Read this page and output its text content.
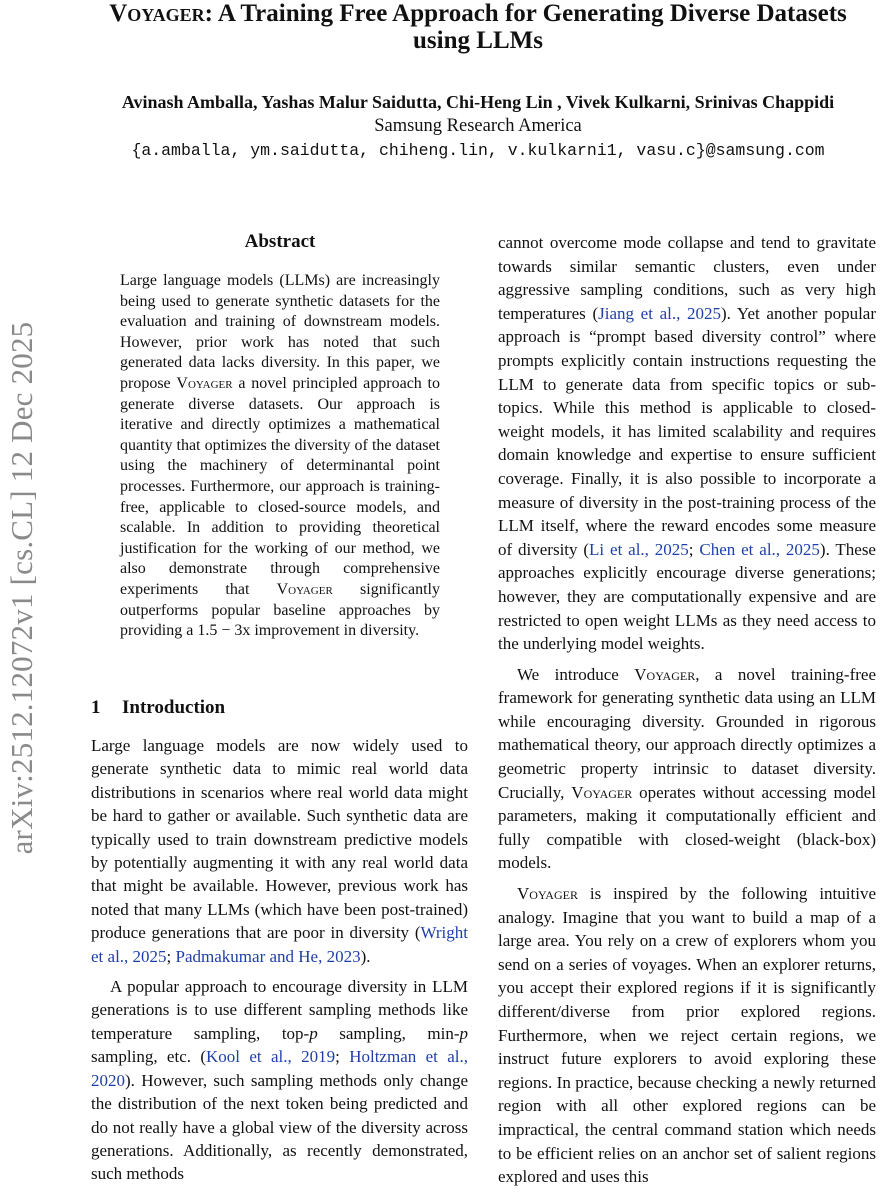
arXiv:2512.12072v1 [cs.CL] 12 Dec 2025
Voyager: A Training Free Approach for Generating Diverse Datasets
using LLMs
Avinash Amballa, Yashas Malur Saidutta, Chi-Heng Lin , Vivek Kulkarni, Srinivas Chappidi
Samsung Research America
{a.amballa, ym.saidutta, chiheng.lin, v.kulkarni1, vasu.c}@samsung.com
Abstract

Large language models (LLMs) are increasingly being used to generate synthetic datasets for the evaluation and training of downstream models. However, prior work has noted that such generated data lacks diversity. In this paper, we propose Voyager a novel principled approach to generate diverse datasets. Our approach is iterative and directly optimizes a mathematical quantity that optimizes the diversity of the dataset using the machinery of determinantal point processes. Furthermore, our approach is training-free, applicable to closed-source models, and scalable. In addition to providing theoretical justification for the working of our method, we also demonstrate through comprehensive experiments that Voyager significantly outperforms popular baseline approaches by providing a 1.5 − 3x improvement in diversity.

1 Introduction

Large language models are now widely used to generate synthetic data to mimic real world data distributions in scenarios where real world data might be hard to gather or available. Such synthetic data are typically used to train downstream predictive models by potentially augmenting it with any real world data that might be available. However, previous work has noted that many LLMs (which have been post-trained) produce generations that are poor in diversity (Wright et al., 2025; Padmakumar and He, 2023).

A popular approach to encourage diversity in LLM generations is to use different sampling methods like temperature sampling, top-p sampling, min-p sampling, etc. (Kool et al., 2019; Holtzman et al., 2020). However, such sampling methods only change the distribution of the next token being predicted and do not really have a global view of the diversity across generations. Additionally, as recently demonstrated, such methods

cannot overcome mode collapse and tend to gravitate towards similar semantic clusters, even under aggressive sampling conditions, such as very high temperatures (Jiang et al., 2025). Yet another popular approach is “prompt based diversity control” where prompts explicitly contain instructions requesting the LLM to generate data from specific topics or sub-topics. While this method is applicable to closed-weight models, it has limited scalability and requires domain knowledge and expertise to ensure sufficient coverage. Finally, it is also possible to incorporate a measure of diversity in the post-training process of the LLM itself, where the reward encodes some measure of diversity (Li et al., 2025; Chen et al., 2025). These approaches explicitly encourage diverse generations; however, they are computationally expensive and are restricted to open weight LLMs as they need access to the underlying model weights.

We introduce Voyager, a novel training-free framework for generating synthetic data using an LLM while encouraging diversity. Grounded in rigorous mathematical theory, our approach directly optimizes a geometric property intrinsic to dataset diversity. Crucially, Voyager operates without accessing model parameters, making it computationally efficient and fully compatible with closed-weight (black-box) models.

Voyager is inspired by the following intuitive analogy. Imagine that you want to build a map of a large area. You rely on a crew of explorers whom you send on a series of voyages. When an explorer returns, you accept their explored regions if it is significantly different/diverse from prior explored regions. Furthermore, when we reject certain regions, we instruct future explorers to avoid exploring these regions. In practice, because checking a newly returned region with all other explored regions can be impractical, the central command station which needs to be efficient relies on an anchor set of salient regions explored and uses this
